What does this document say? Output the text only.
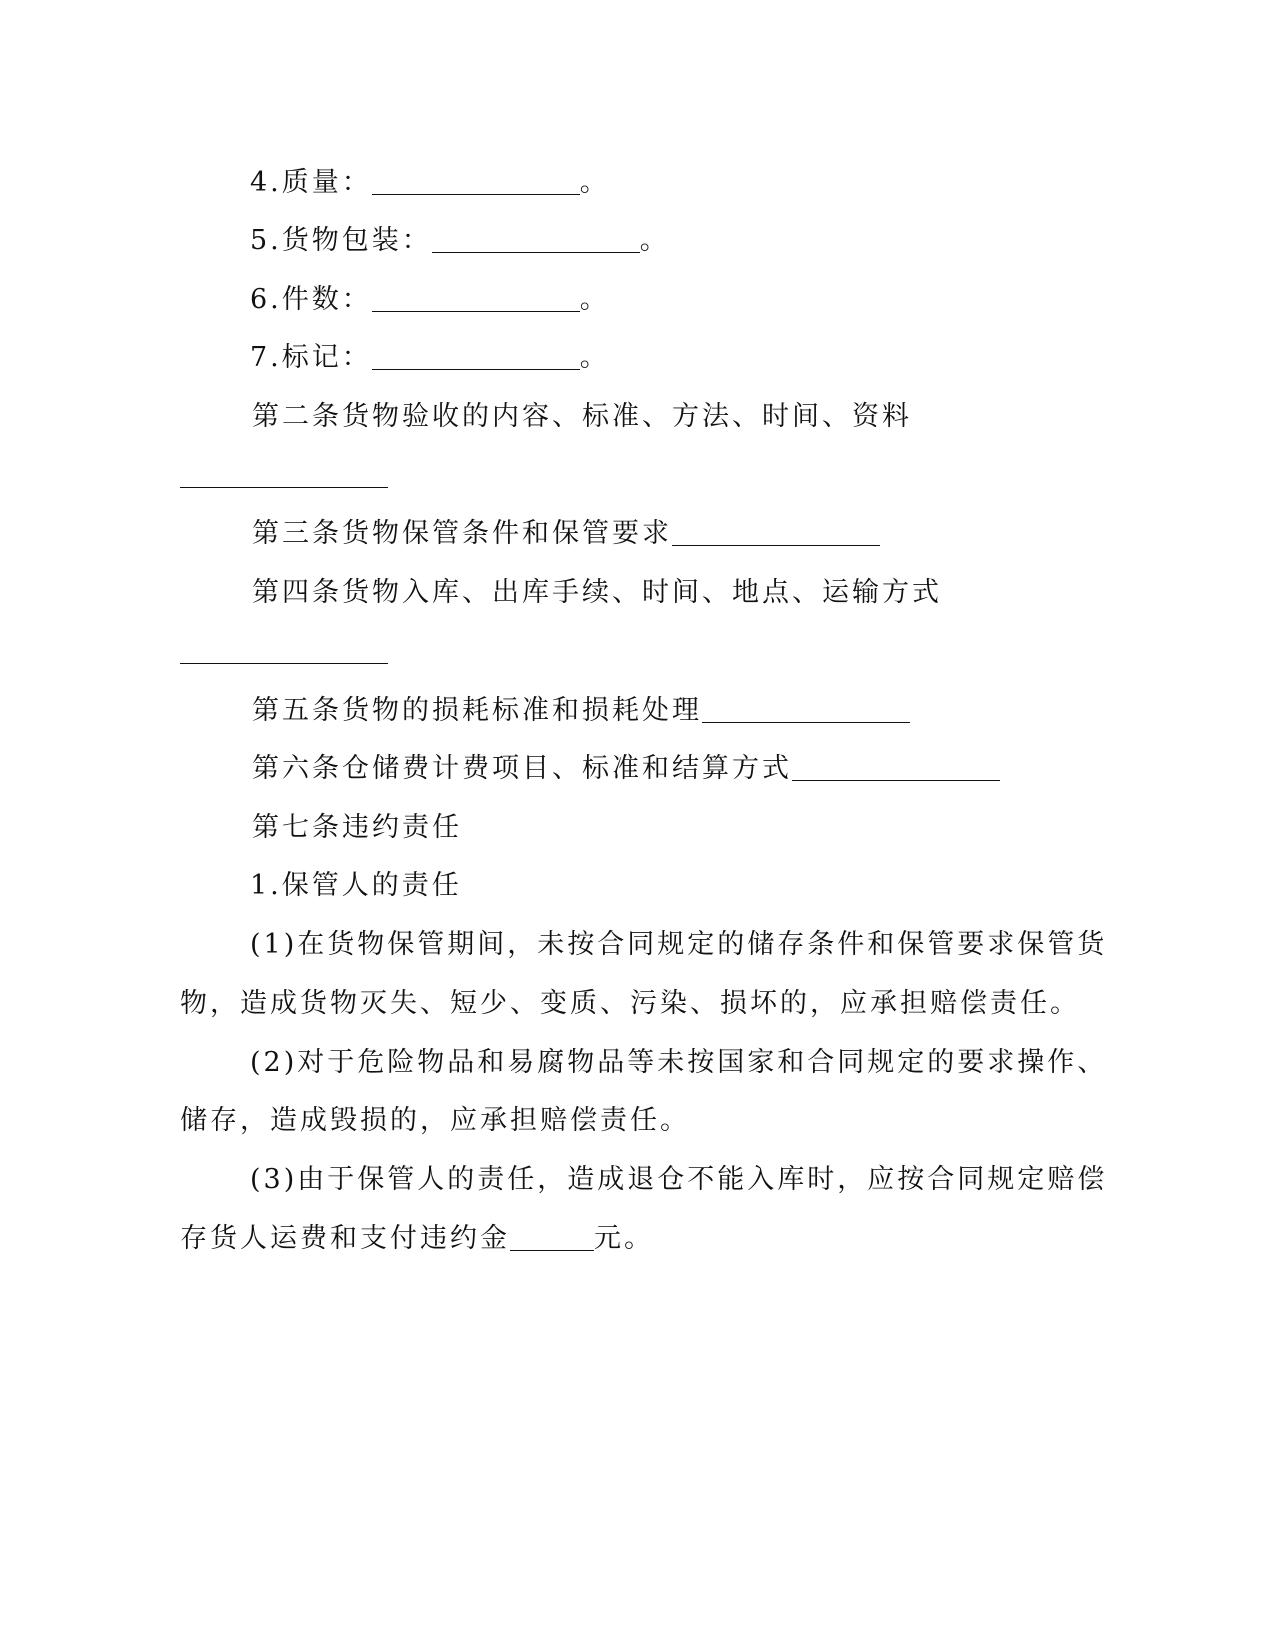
4.质量：	。
5.货物包装：	。
6.件数：	。
7.标记：	。
第二条货物验收的内容、标准、方法、时间、资料
第三条货物保管条件和保管要求
第四条货物入库、出库手续、时间、地点、运输方式
第五条货物的损耗标准和损耗处理
第六条仓储费计费项目、标准和结算方式
第七条违约责任
1.保管人的责任
(1)在货物保管期间，未按合同规定的储存条件和保管要求保管货
物，造成货物灭失、短少、变质、污染、损坏的，应承担赔偿责任。
(2)对于危险物品和易腐物品等未按国家和合同规定的要求操作、
储存，造成毁损的，应承担赔偿责任。
(3)由于保管人的责任，造成退仓不能入库时，应按合同规定赔偿
存货人运费和支付违约金	元。
